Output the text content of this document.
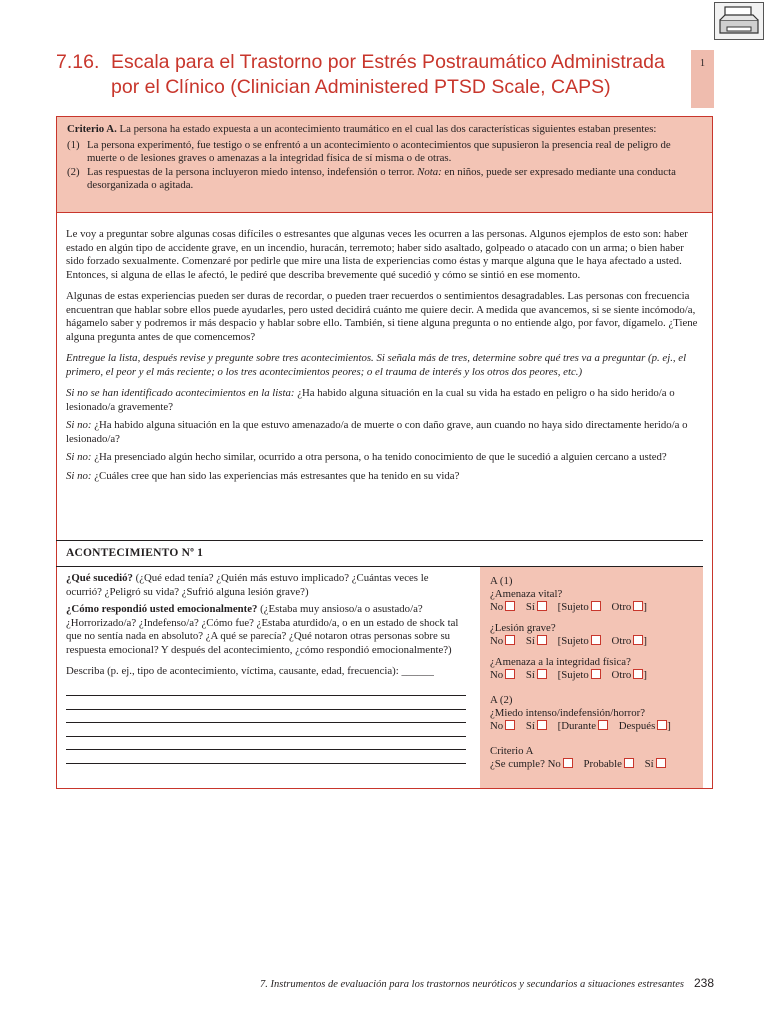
7.16. Escala para el Trastorno por Estrés Postraumático Administrada por el Clínico (Clinician Administered PTSD Scale, CAPS)
1

Criterio A. La persona ha estado expuesta a un acontecimiento traumático en el cual las dos características siguientes estaban presentes:

(1) La persona experimentó, fue testigo o se enfrentó a un acontecimiento o acontecimientos que supusieron la presencia real de peligro de muerte o de lesiones graves o amenazas a la integridad física de sí misma o de otras.
(2) Las respuestas de la persona incluyeron miedo intenso, indefensión o terror. Nota: en niños, puede ser expresado mediante una conducta desorganizada o agitada.

Le voy a preguntar sobre algunas cosas difíciles o estresantes que algunas veces les ocurren a las personas. Algunos ejemplos de esto son: haber estado en algún tipo de accidente grave, en un incendio, huracán, terremoto; haber sido asaltado, golpeado o atacado con un arma; o bien haber sido forzado sexualmente. Comenzaré por pedirle que mire una lista de experiencias como éstas y marque alguna que le haya afectado a usted. Entonces, si alguna de ellas le afectó, le pediré que describa brevemente qué sucedió y cómo se sintió en ese momento.

Algunas de estas experiencias pueden ser duras de recordar, o pueden traer recuerdos o sentimientos desagradables. Las personas con frecuencia encuentran que hablar sobre ellos puede ayudarles, pero usted decidirá cuánto me quiere decir. A medida que avancemos, si se siente incómodo/a, hágamelo saber y podremos ir más despacio y hablar sobre ello. También, si tiene alguna pregunta o no entiende algo, por favor, dígamelo. ¿Tiene alguna pregunta antes de que comencemos?

Entregue la lista, después revise y pregunte sobre tres acontecimientos. Si señala más de tres, determine sobre qué tres va a preguntar (p. ej., el primero, el peor y el más reciente; o los tres acontecimientos peores; o el trauma de interés y los otros dos peores, etc.)

Si no se han identificado acontecimientos en la lista: ¿Ha habido alguna situación en la cual su vida ha estado en peligro o ha sido herido/a o lesionado/a gravemente?

Si no: ¿Ha habido alguna situación en la que estuvo amenazado/a de muerte o con daño grave, aun cuando no haya sido directamente herido/a o lesionado/a?

Si no: ¿Ha presenciado algún hecho similar, ocurrido a otra persona, o ha tenido conocimiento de que le sucedió a alguien cercano a usted?

Si no: ¿Cuáles cree que han sido las experiencias más estresantes que ha tenido en su vida?

ACONTECIMIENTO Nº 1

¿Qué sucedió? (¿Qué edad tenía? ¿Quién más estuvo implicado? ¿Cuántas veces le ocurrió? ¿Peligró su vida? ¿Sufrió alguna lesión grave?)

¿Cómo respondió usted emocionalmente? (¿Estaba muy ansioso/a o asustado/a? ¿Horrorizado/a? ¿Indefenso/a? ¿Cómo fue? ¿Estaba aturdido/a, o en un estado de shock tal que no sentía nada en absoluto? ¿A qué se parecía? ¿Qué notaron otras personas sobre su respuesta emocional? Y después del acontecimiento, ¿cómo respondió emocionalmente?)

Describa (p. ej., tipo de acontecimiento, víctima, causante, edad, frecuencia): ______

A (1)
¿Amenaza vital?
No Sí [Sujeto Otro ]
¿Lesión grave?
No Sí [Sujeto Otro ]
¿Amenaza a la integridad física?
No Sí [Sujeto Otro ]
A (2)
¿Miedo intenso/indefensión/horror?
No Sí [Durante Después ]
Criterio A
¿Se cumple? No Probable Sí
7. Instrumentos de evaluación para los trastornos neuróticos y secundarios a situaciones estresantes 238
